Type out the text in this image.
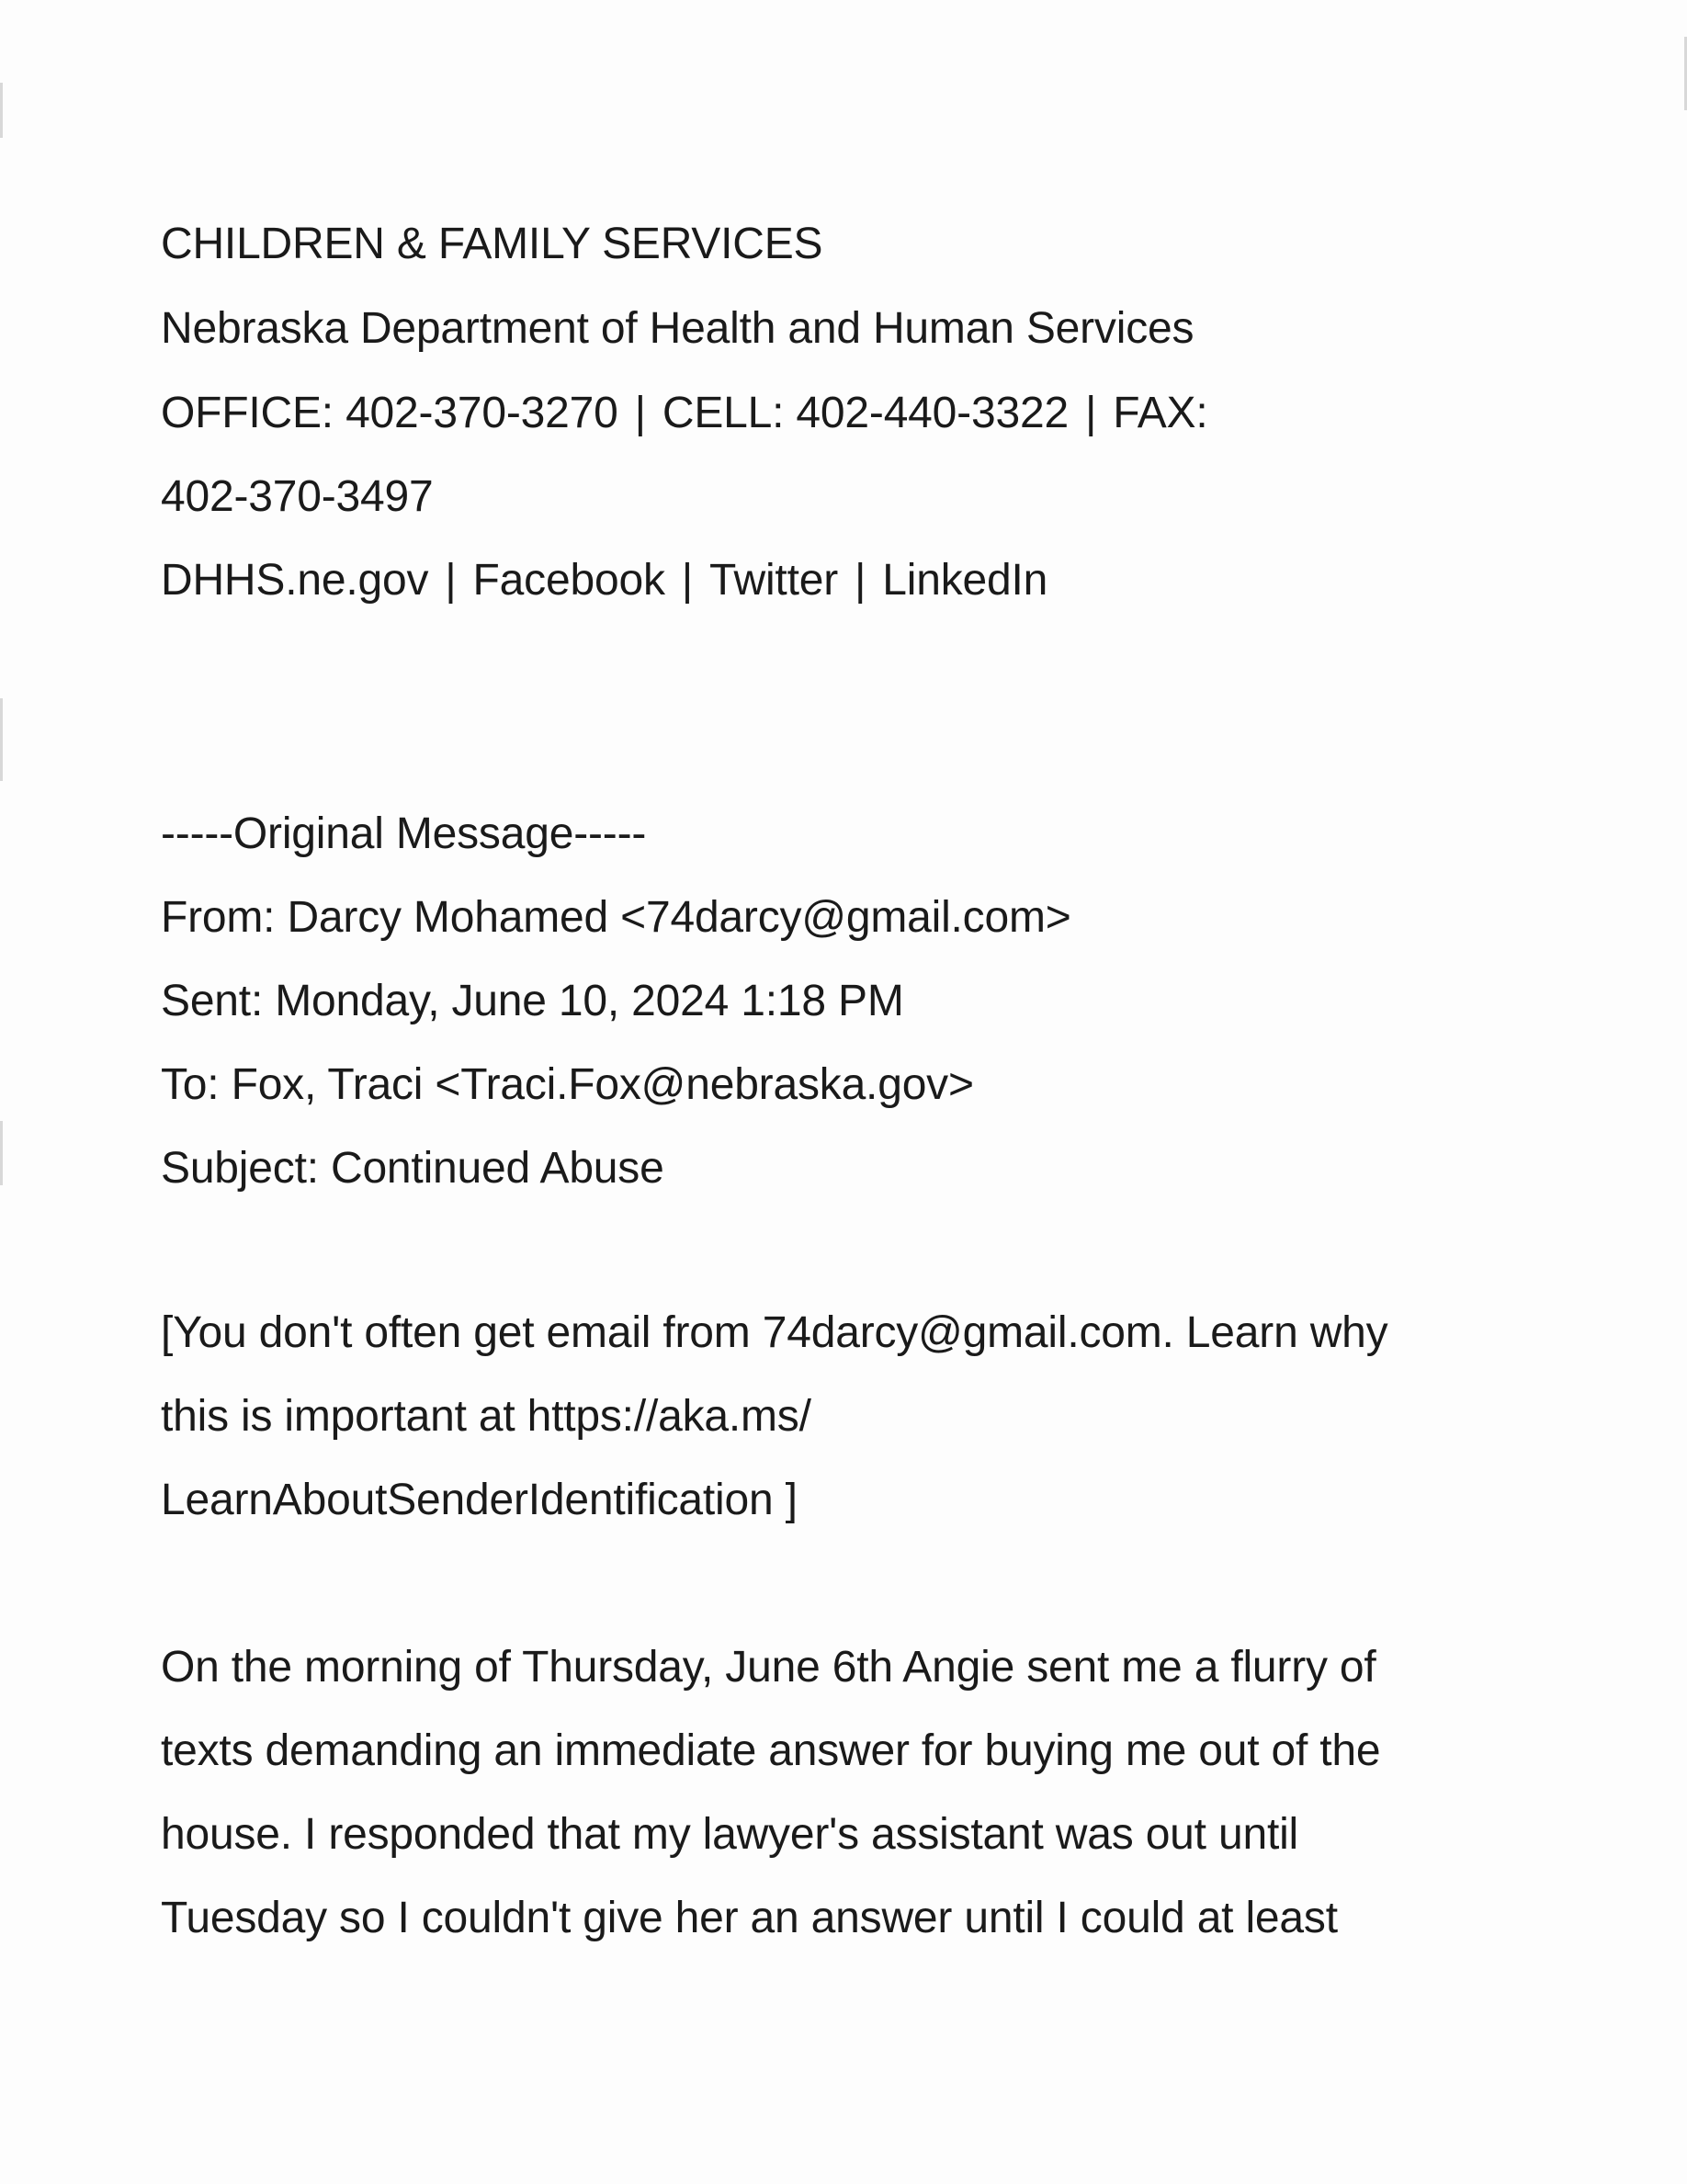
CHILDREN & FAMILY SERVICES
Nebraska Department of Health and Human Services
OFFICE: 402-370-3270 | CELL: 402-440-3322 | FAX:
402-370-3497
DHHS.ne.gov | Facebook | Twitter | LinkedIn
-----Original Message-----
From: Darcy Mohamed <74darcy@gmail.com>
Sent: Monday, June 10, 2024 1:18 PM
To: Fox, Traci <Traci.Fox@nebraska.gov>
Subject: Continued Abuse
[You don't often get email from 74darcy@gmail.com. Learn why
this is important at https://aka.ms/
LearnAboutSenderIdentification ]
On the morning of Thursday, June 6th Angie sent me a flurry of
texts demanding an immediate answer for buying me out of the
house. I responded that my lawyer's assistant was out until
Tuesday so I couldn't give her an answer until I could at least
